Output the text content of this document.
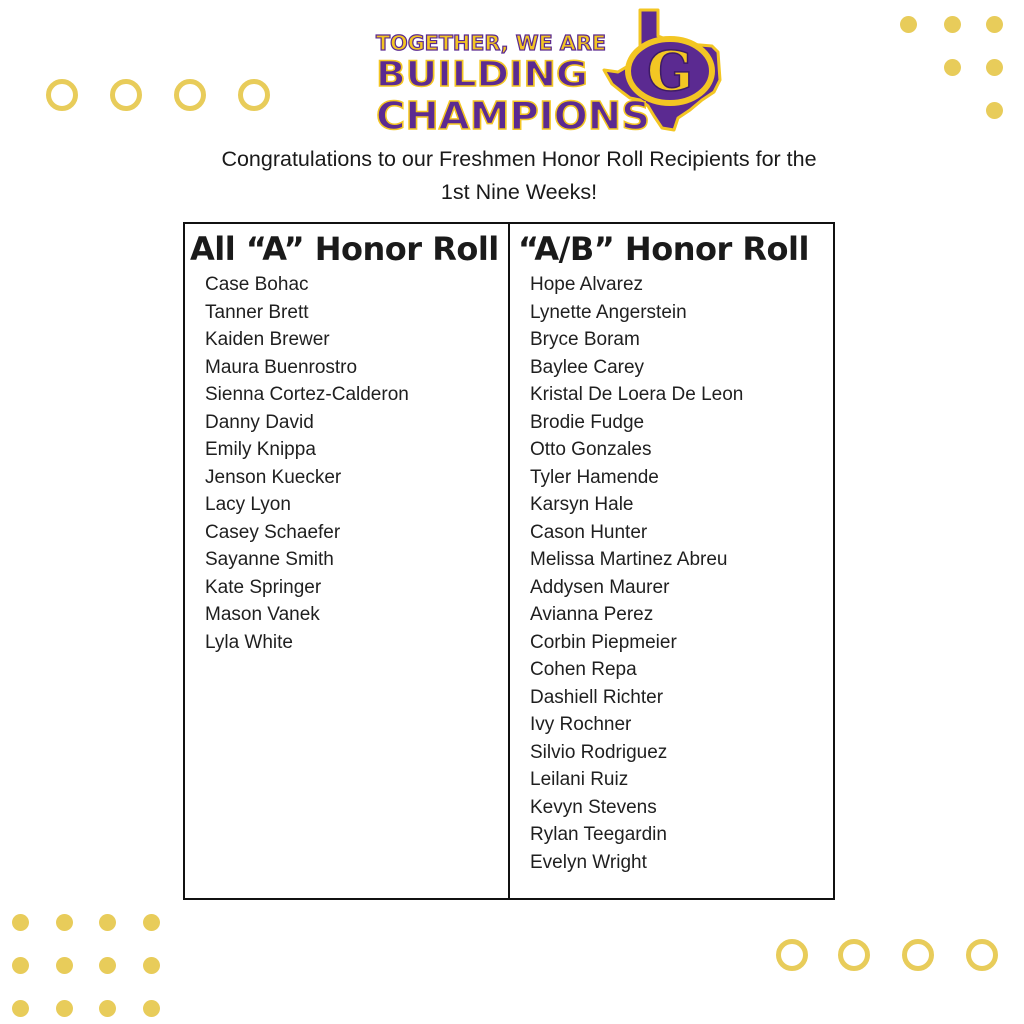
G
TOGETHER, WE ARE
BUILDING
CHAMPIONS

Congratulations to our Freshmen Honor Roll Recipients for the
1st Nine Weeks!

All “A” Honor Roll
Case Bohac
Tanner Brett
Kaiden Brewer
Maura Buenrostro
Sienna Cortez-Calderon
Danny David
Emily Knippa
Jenson Kuecker
Lacy Lyon
Casey Schaefer
Sayanne Smith
Kate Springer
Mason Vanek
Lyla White
“A/B” Honor Roll
Hope Alvarez
Lynette Angerstein
Bryce Boram
Baylee Carey
Kristal De Loera De Leon
Brodie Fudge
Otto Gonzales
Tyler Hamende
Karsyn Hale
Cason Hunter
Melissa Martinez Abreu
Addysen Maurer
Avianna Perez
Corbin Piepmeier
Cohen Repa
Dashiell Richter
Ivy Rochner
Silvio Rodriguez
Leilani Ruiz
Kevyn Stevens
Rylan Teegardin
Evelyn Wright
